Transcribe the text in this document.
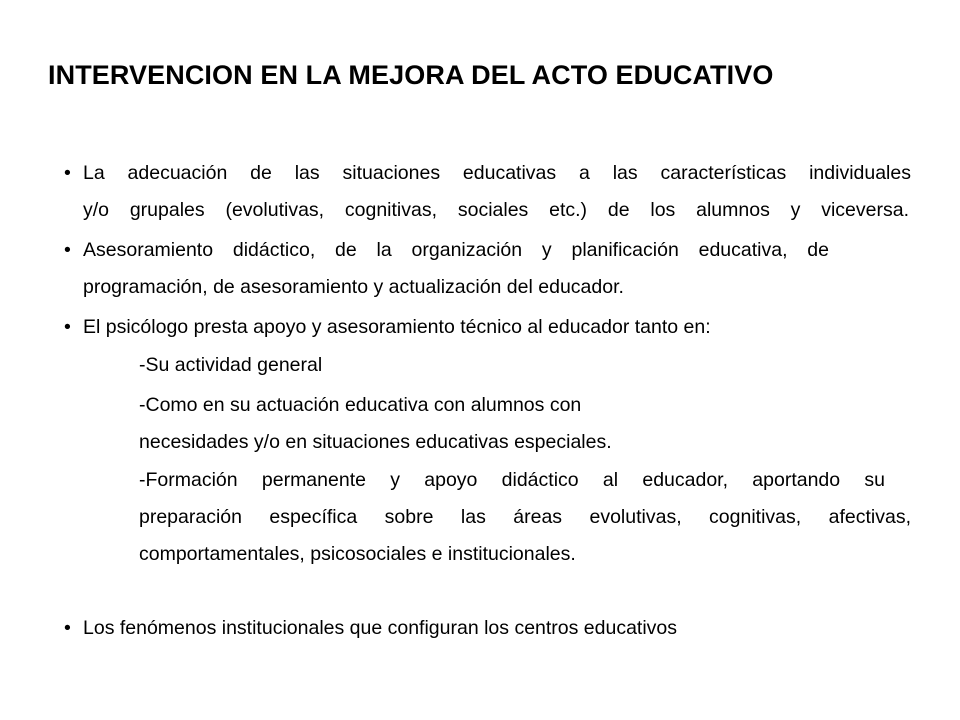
INTERVENCION EN LA MEJORA DEL ACTO EDUCATIVO
• La adecuación de las situaciones educativas a las características individuales
y/o grupales (evolutivas, cognitivas, sociales etc.) de los alumnos y viceversa.
• Asesoramiento didáctico, de la organización y planificación educativa, de
programación, de asesoramiento y actualización del educador.
• El psicólogo presta apoyo y asesoramiento técnico al educador tanto en:
-Su actividad general
-Como en su actuación educativa con alumnos con
necesidades y/o en situaciones educativas especiales.
-Formación permanente y apoyo didáctico al educador, aportando su
preparación específica sobre las áreas evolutivas, cognitivas, afectivas,
comportamentales, psicosociales e institucionales.
• Los fenómenos institucionales que configuran los centros educativos
